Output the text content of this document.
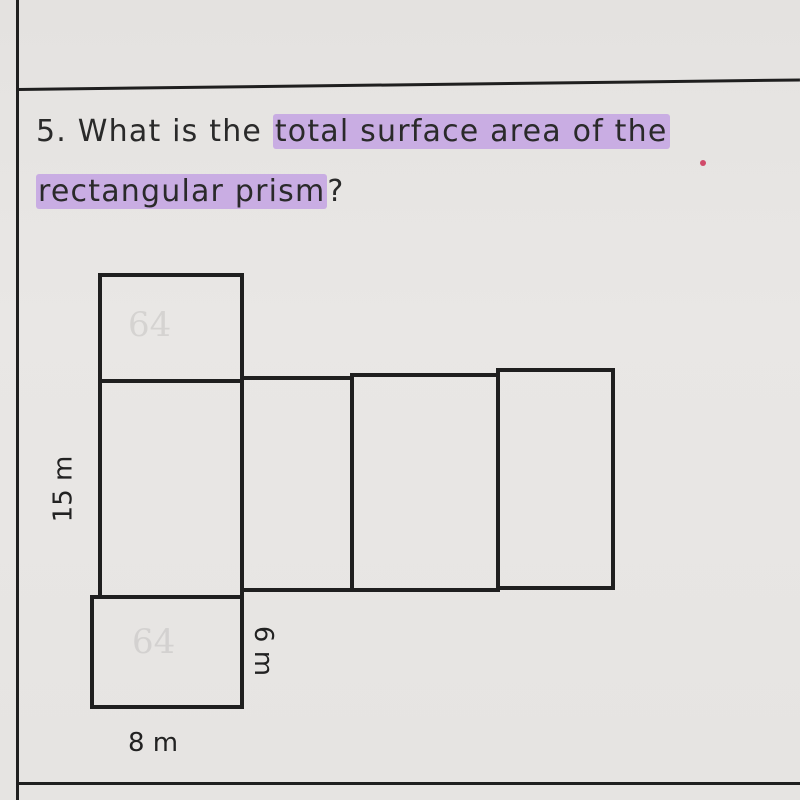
5. What is the total surface area of the
rectangular prism?
64
64
15 m
6 m
8 m
